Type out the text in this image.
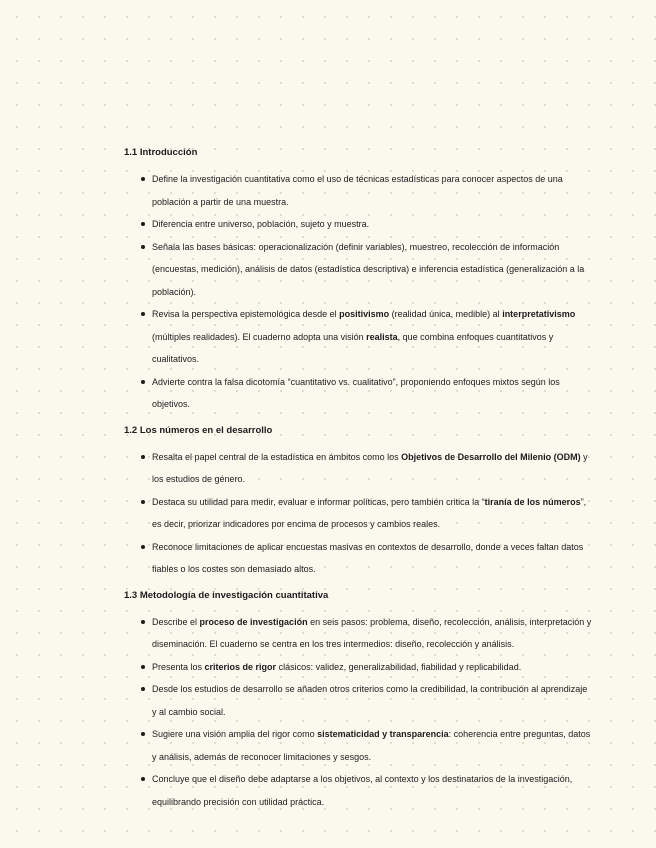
1.1 Introducción
Define la investigación cuantitativa como el uso de técnicas estadísticas para conocer aspectos de una población a partir de una muestra.
Diferencia entre universo, población, sujeto y muestra.
Señala las bases básicas: operacionalización (definir variables), muestreo, recolección de información (encuestas, medición), análisis de datos (estadística descriptiva) e inferencia estadística (generalización a la población).
Revisa la perspectiva epistemológica desde el positivismo (realidad única, medible) al interpretativismo (múltiples realidades). El cuaderno adopta una visión realista, que combina enfoques cuantitativos y cualitativos.
Advierte contra la falsa dicotomía “cuantitativo vs. cualitativo”, proponiendo enfoques mixtos según los objetivos.
1.2 Los números en el desarrollo
Resalta el papel central de la estadística en ámbitos como los Objetivos de Desarrollo del Milenio (ODM) y los estudios de género.
Destaca su utilidad para medir, evaluar e informar políticas, pero también critica la “tiranía de los números”, es decir, priorizar indicadores por encima de procesos y cambios reales.
Reconoce limitaciones de aplicar encuestas masivas en contextos de desarrollo, donde a veces faltan datos fiables o los costes son demasiado altos.
1.3 Metodología de investigación cuantitativa
Describe el proceso de investigación en seis pasos: problema, diseño, recolección, análisis, interpretación y diseminación. El cuaderno se centra en los tres intermedios: diseño, recolección y análisis.
Presenta los criterios de rigor clásicos: validez, generalizabilidad, fiabilidad y replicabilidad.
Desde los estudios de desarrollo se añaden otros criterios como la credibilidad, la contribución al aprendizaje y al cambio social.
Sugiere una visión amplia del rigor como sistematicidad y transparencia: coherencia entre preguntas, datos y análisis, además de reconocer limitaciones y sesgos.
Concluye que el diseño debe adaptarse a los objetivos, al contexto y los destinatarios de la investigación, equilibrando precisión con utilidad práctica.
